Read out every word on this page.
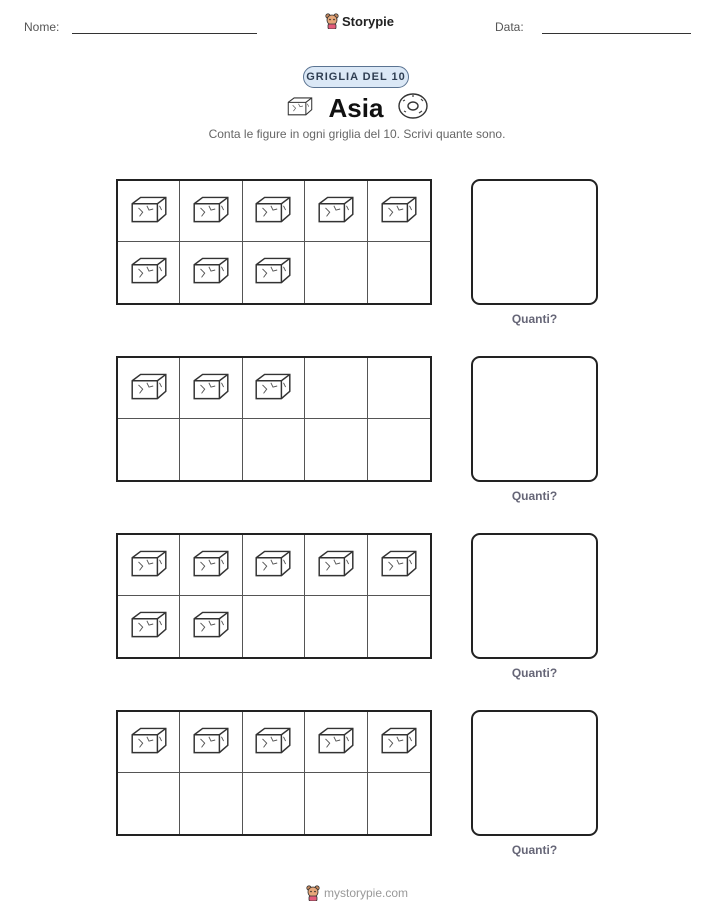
Nome:	Storypie	Data:
GRIGLIA DEL 10
Asia
Conta le figure in ogni griglia del 10. Scrivi quante sono.
Quanti?
Quanti?
Quanti?
Quanti?
mystorypie.com
